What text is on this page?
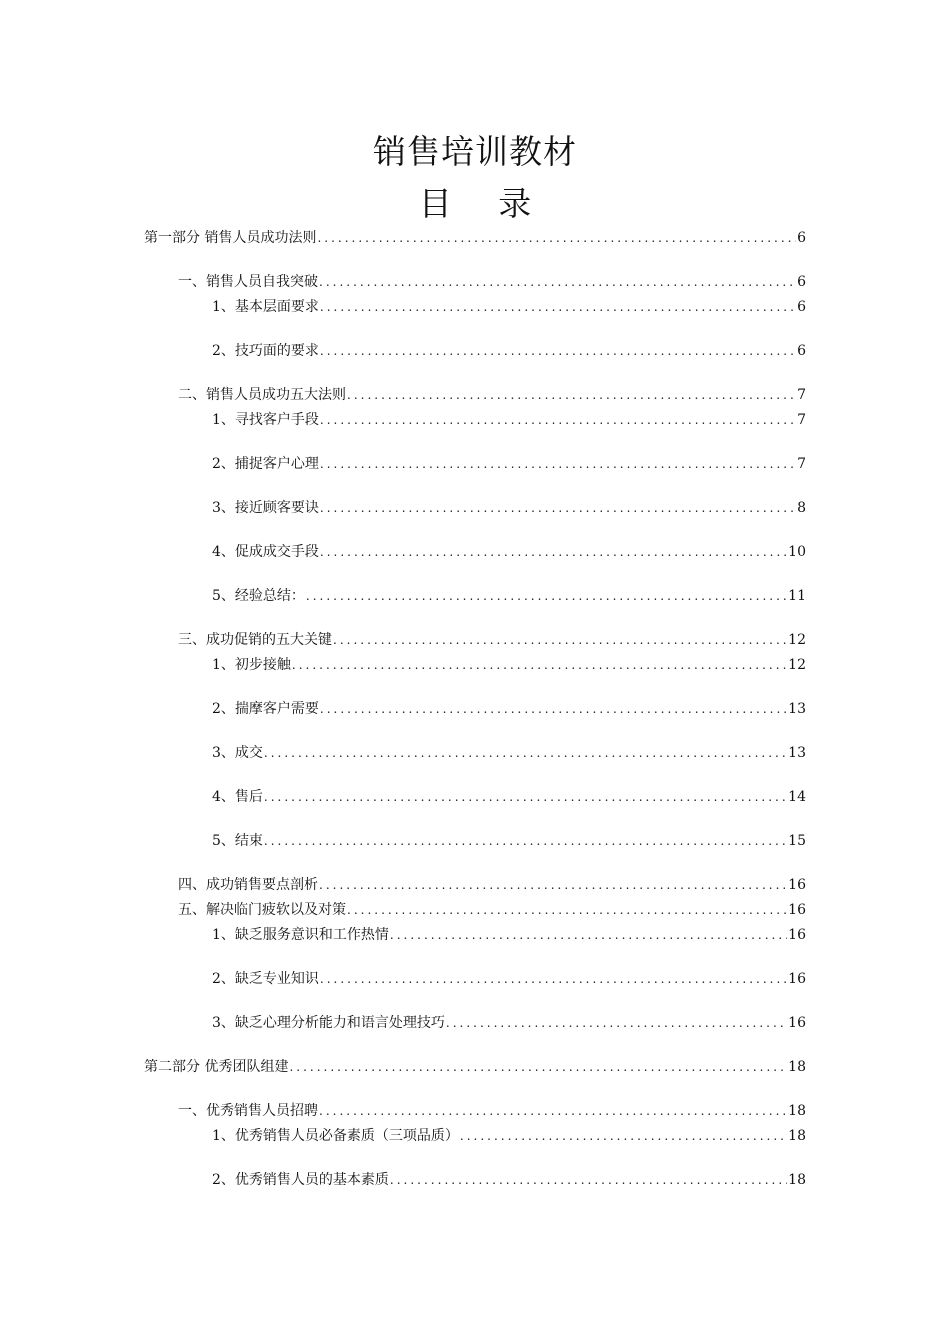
销售培训教材
目 录
第一部分 销售人员成功法则 .....	6
一、销售人员自我突破 .....	6
1、基本层面要求 .....	6
2、技巧面的要求 .....	6
二、销售人员成功五大法则 .....	7
1、寻找客户手段 .....	7
2、捕捉客户心理 .....	7
3、接近顾客要诀 .....	8
4、促成成交手段 .....	10
5、经验总结： .....	11
三、成功促销的五大关键 .....	12
1、初步接触 .....	12
2、揣摩客户需要 .....	13
3、成交 .....	13
4、售后 .....	14
5、结束 .....	15
四、成功销售要点剖析 .....	16
五、解决临门疲软以及对策 .....	16
1、缺乏服务意识和工作热情 .....	16
2、缺乏专业知识 .....	16
3、缺乏心理分析能力和语言处理技巧 .....	16
第二部分 优秀团队组建 .....	18
一、优秀销售人员招聘 .....	18
1、优秀销售人员必备素质（三项品质） .....	18
2、优秀销售人员的基本素质 .....	18
